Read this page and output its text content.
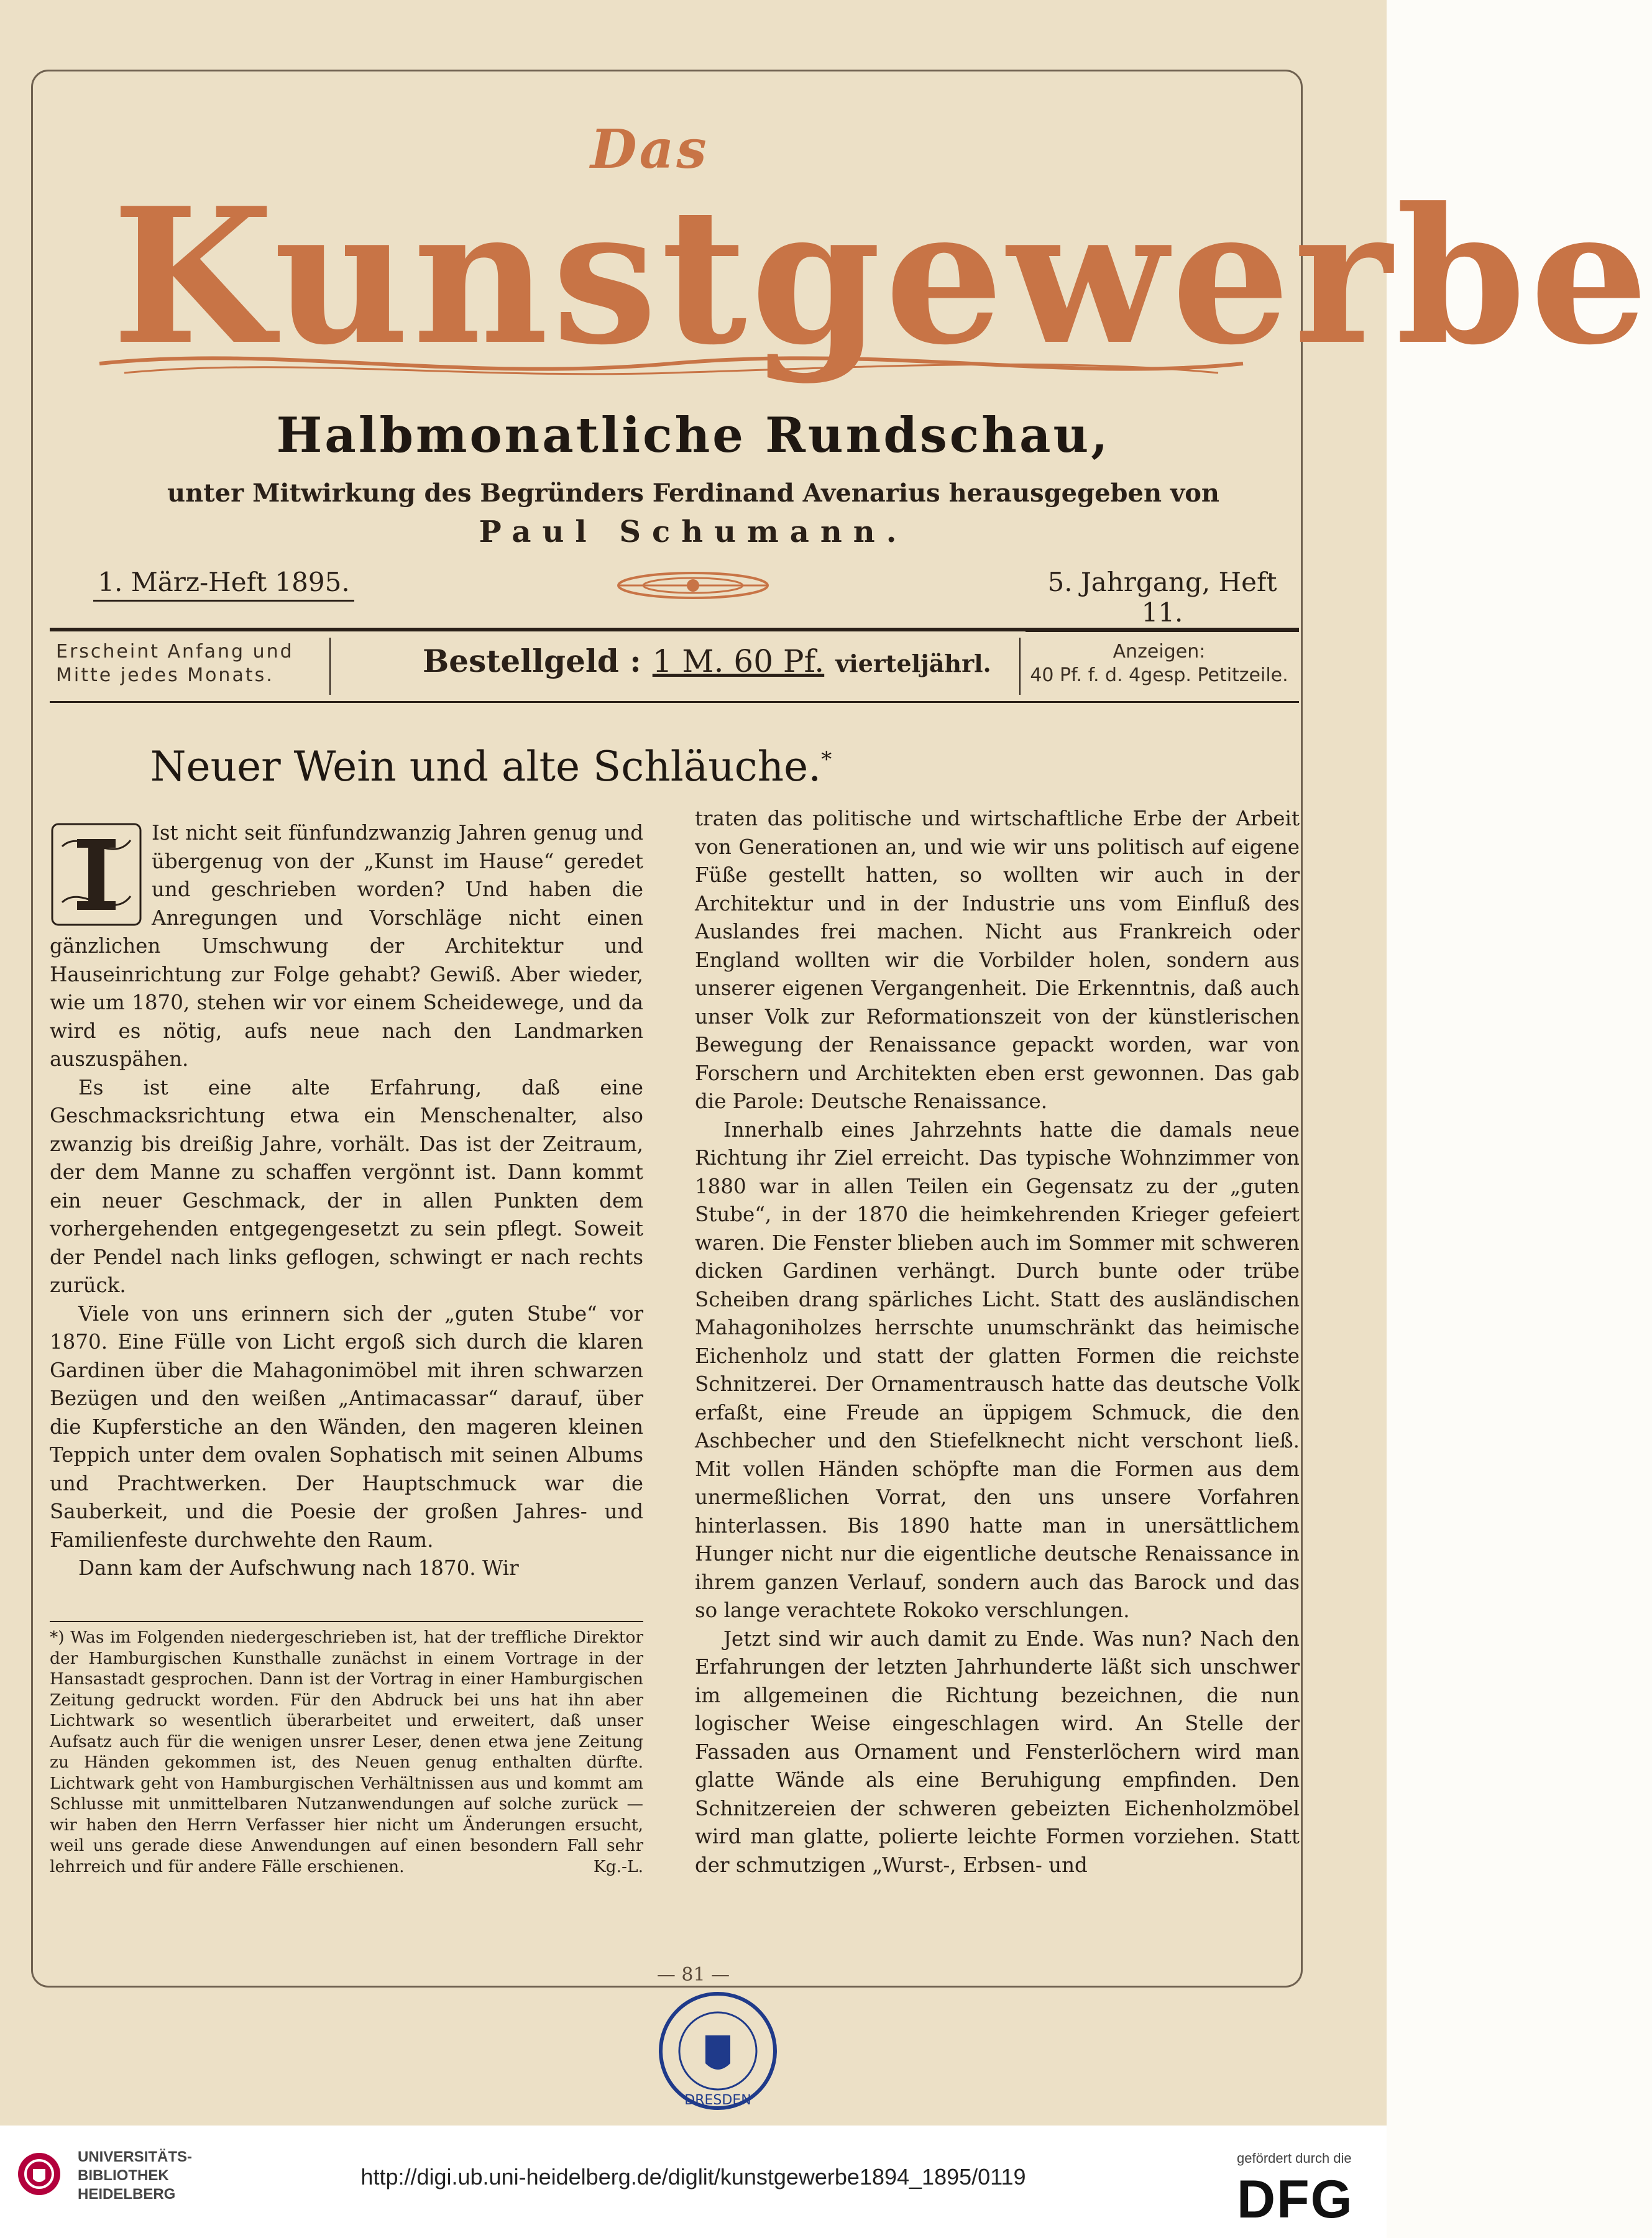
Das
Kunstgewerbe
Halbmonatliche Rundschau,
unter Mitwirkung des Begründers Ferdinand Avenarius herausgegeben von
Paul Schumann.
1. März-Heft 1895.	5. Jahrgang, Heft 11.
Erscheint Anfang und
Mitte jedes Monats.	Bestellgeld : 1 M. 60 Pf. vierteljährl.	Anzeigen:
40 Pf. f. d. 4gesp. Petitzeile.
Neuer Wein und alte Schläuche.*

Ist nicht seit fünfundzwanzig Jahren genug und übergenug von der „Kunst im Hause“ geredet und geschrieben worden? Und haben die Anregungen und Vorschläge nicht einen gänzlichen Umschwung der Architektur und Hauseinrichtung zur Folge gehabt? Gewiß. Aber wieder, wie um 1870, stehen wir vor einem Scheidewege, und da wird es nötig, aufs neue nach den Landmarken auszuspähen.

Es ist eine alte Erfahrung, daß eine Geschmacksrichtung etwa ein Menschenalter, also zwanzig bis dreißig Jahre, vorhält. Das ist der Zeitraum, der dem Manne zu schaffen vergönnt ist. Dann kommt ein neuer Geschmack, der in allen Punkten dem vorhergehenden entgegengesetzt zu sein pflegt. Soweit der Pendel nach links geflogen, schwingt er nach rechts zurück.

Viele von uns erinnern sich der „guten Stube“ vor 1870. Eine Fülle von Licht ergoß sich durch die klaren Gardinen über die Mahagonimöbel mit ihren schwarzen Bezügen und den weißen „Antimacassar“ darauf, über die Kupferstiche an den Wänden, den mageren kleinen Teppich unter dem ovalen Sophatisch mit seinen Albums und Prachtwerken. Der Hauptschmuck war die Sauberkeit, und die Poesie der großen Jahres- und Familienfeste durchwehte den Raum.

Dann kam der Aufschwung nach 1870. Wir

*) Was im Folgenden niedergeschrieben ist, hat der treffliche Direktor der Hamburgischen Kunsthalle zunächst in einem Vortrage in der Hansastadt gesprochen. Dann ist der Vortrag in einer Hamburgischen Zeitung gedruckt worden. Für den Abdruck bei uns hat ihn aber Lichtwark so wesentlich überarbeitet und erweitert, daß unser Aufsatz auch für die wenigen unsrer Leser, denen etwa jene Zeitung zu Händen gekommen ist, des Neuen genug enthalten dürfte. Lichtwark geht von Hamburgischen Verhältnissen aus und kommt am Schlusse mit unmittelbaren Nutzanwendungen auf solche zurück — wir haben den Herrn Verfasser hier nicht um Änderungen ersucht, weil uns gerade diese Anwendungen auf einen besondern Fall sehr lehrreich und für andere Fälle erschienen.	Kg.-L.

traten das politische und wirtschaftliche Erbe der Arbeit von Generationen an, und wie wir uns politisch auf eigene Füße gestellt hatten, so wollten wir auch in der Architektur und in der Industrie uns vom Einfluß des Auslandes frei machen. Nicht aus Frankreich oder England wollten wir die Vorbilder holen, sondern aus unserer eigenen Vergangenheit. Die Erkenntnis, daß auch unser Volk zur Reformationszeit von der künstlerischen Bewegung der Renaissance gepackt worden, war von Forschern und Architekten eben erst gewonnen. Das gab die Parole: Deutsche Renaissance.

Innerhalb eines Jahrzehnts hatte die damals neue Richtung ihr Ziel erreicht. Das typische Wohnzimmer von 1880 war in allen Teilen ein Gegensatz zu der „guten Stube“, in der 1870 die heimkehrenden Krieger gefeiert waren. Die Fenster blieben auch im Sommer mit schweren dicken Gardinen verhängt. Durch bunte oder trübe Scheiben drang spärliches Licht. Statt des ausländischen Mahagoniholzes herrschte unumschränkt das heimische Eichenholz und statt der glatten Formen die reichste Schnitzerei. Der Ornamentrausch hatte das deutsche Volk erfaßt, eine Freude an üppigem Schmuck, die den Aschbecher und den Stiefelknecht nicht verschont ließ. Mit vollen Händen schöpfte man die Formen aus dem unermeßlichen Vorrat, den uns unsere Vorfahren hinterlassen. Bis 1890 hatte man in unersättlichem Hunger nicht nur die eigentliche deutsche Renaissance in ihrem ganzen Verlauf, sondern auch das Barock und das so lange verachtete Rokoko verschlungen.

Jetzt sind wir auch damit zu Ende. Was nun? Nach den Erfahrungen der letzten Jahrhunderte läßt sich unschwer im allgemeinen die Richtung bezeichnen, die nun logischer Weise eingeschlagen wird. An Stelle der Fassaden aus Ornament und Fensterlöchern wird man glatte Wände als eine Beruhigung empfinden. Den Schnitzereien der schweren gebeizten Eichenholzmöbel wird man glatte, polierte leichte Formen vorziehen. Statt der schmutzigen „Wurst-, Erbsen- und

— 81 —
DRESDEN
UNIVERSITÄTS-
BIBLIOTHEK
HEIDELBERG
http://digi.ub.uni-heidelberg.de/diglit/kunstgewerbe1894_1895/0119
gefördert durch die
DFG
